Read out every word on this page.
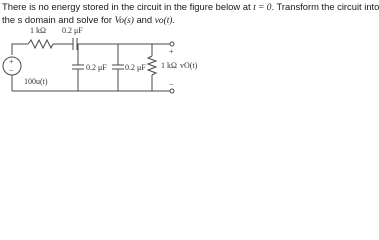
There is no energy stored in the circuit in the figure below at t = 0. Transform the circuit into
the s domain and solve for Vo(s) and vo(t).
+
−
1 kΩ 0.2 μF
100u(t)
0.2 μF 0.2 μF 1 kΩ vO(t)
+
−
